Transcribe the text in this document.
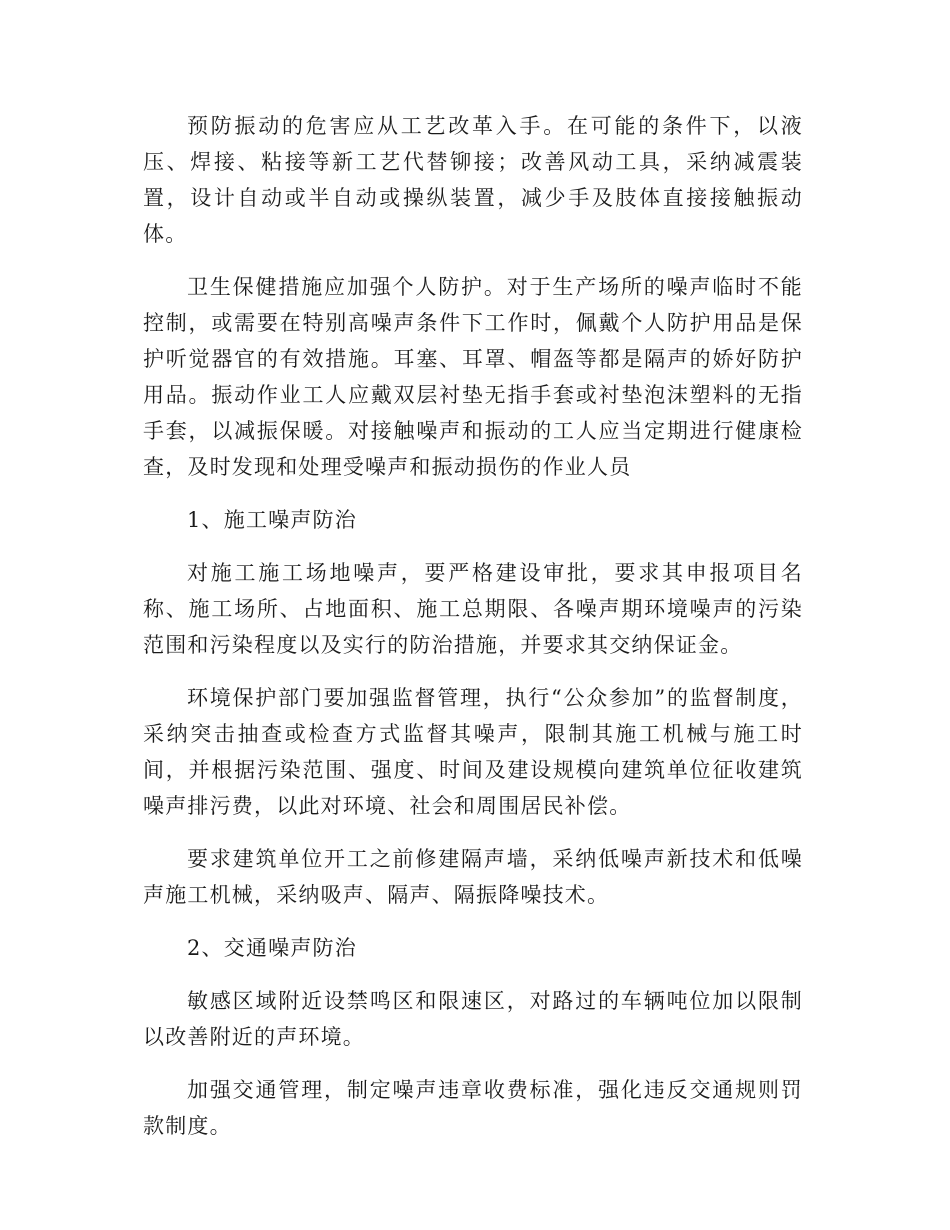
预防振动的危害应从工艺改革入手。在可能的条件下，以液压、焊接、粘接等新工艺代替铆接；改善风动工具，采纳减震装置，设计自动或半自动或操纵装置，减少手及肢体直接接触振动体。

卫生保健措施应加强个人防护。对于生产场所的噪声临时不能控制，或需要在特别高噪声条件下工作时，佩戴个人防护用品是保护听觉器官的有效措施。耳塞、耳罩、帽盔等都是隔声的娇好防护用品。振动作业工人应戴双层衬垫无指手套或衬垫泡沫塑料的无指手套，以减振保暖。对接触噪声和振动的工人应当定期进行健康检查，及时发现和处理受噪声和振动损伤的作业人员

1、施工噪声防治

对施工施工场地噪声，要严格建设审批，要求其申报项目名称、施工场所、占地面积、施工总期限、各噪声期环境噪声的污染范围和污染程度以及实行的防治措施，并要求其交纳保证金。

环境保护部门要加强监督管理，执行“公众参加”的监督制度，采纳突击抽查或检查方式监督其噪声，限制其施工机械与施工时间，并根据污染范围、强度、时间及建设规模向建筑单位征收建筑噪声排污费，以此对环境、社会和周围居民补偿。

要求建筑单位开工之前修建隔声墙，采纳低噪声新技术和低噪声施工机械，采纳吸声、隔声、隔振降噪技术。

2、交通噪声防治

敏感区域附近设禁鸣区和限速区，对路过的车辆吨位加以限制以改善附近的声环境。

加强交通管理，制定噪声违章收费标准，强化违反交通规则罚款制度。
